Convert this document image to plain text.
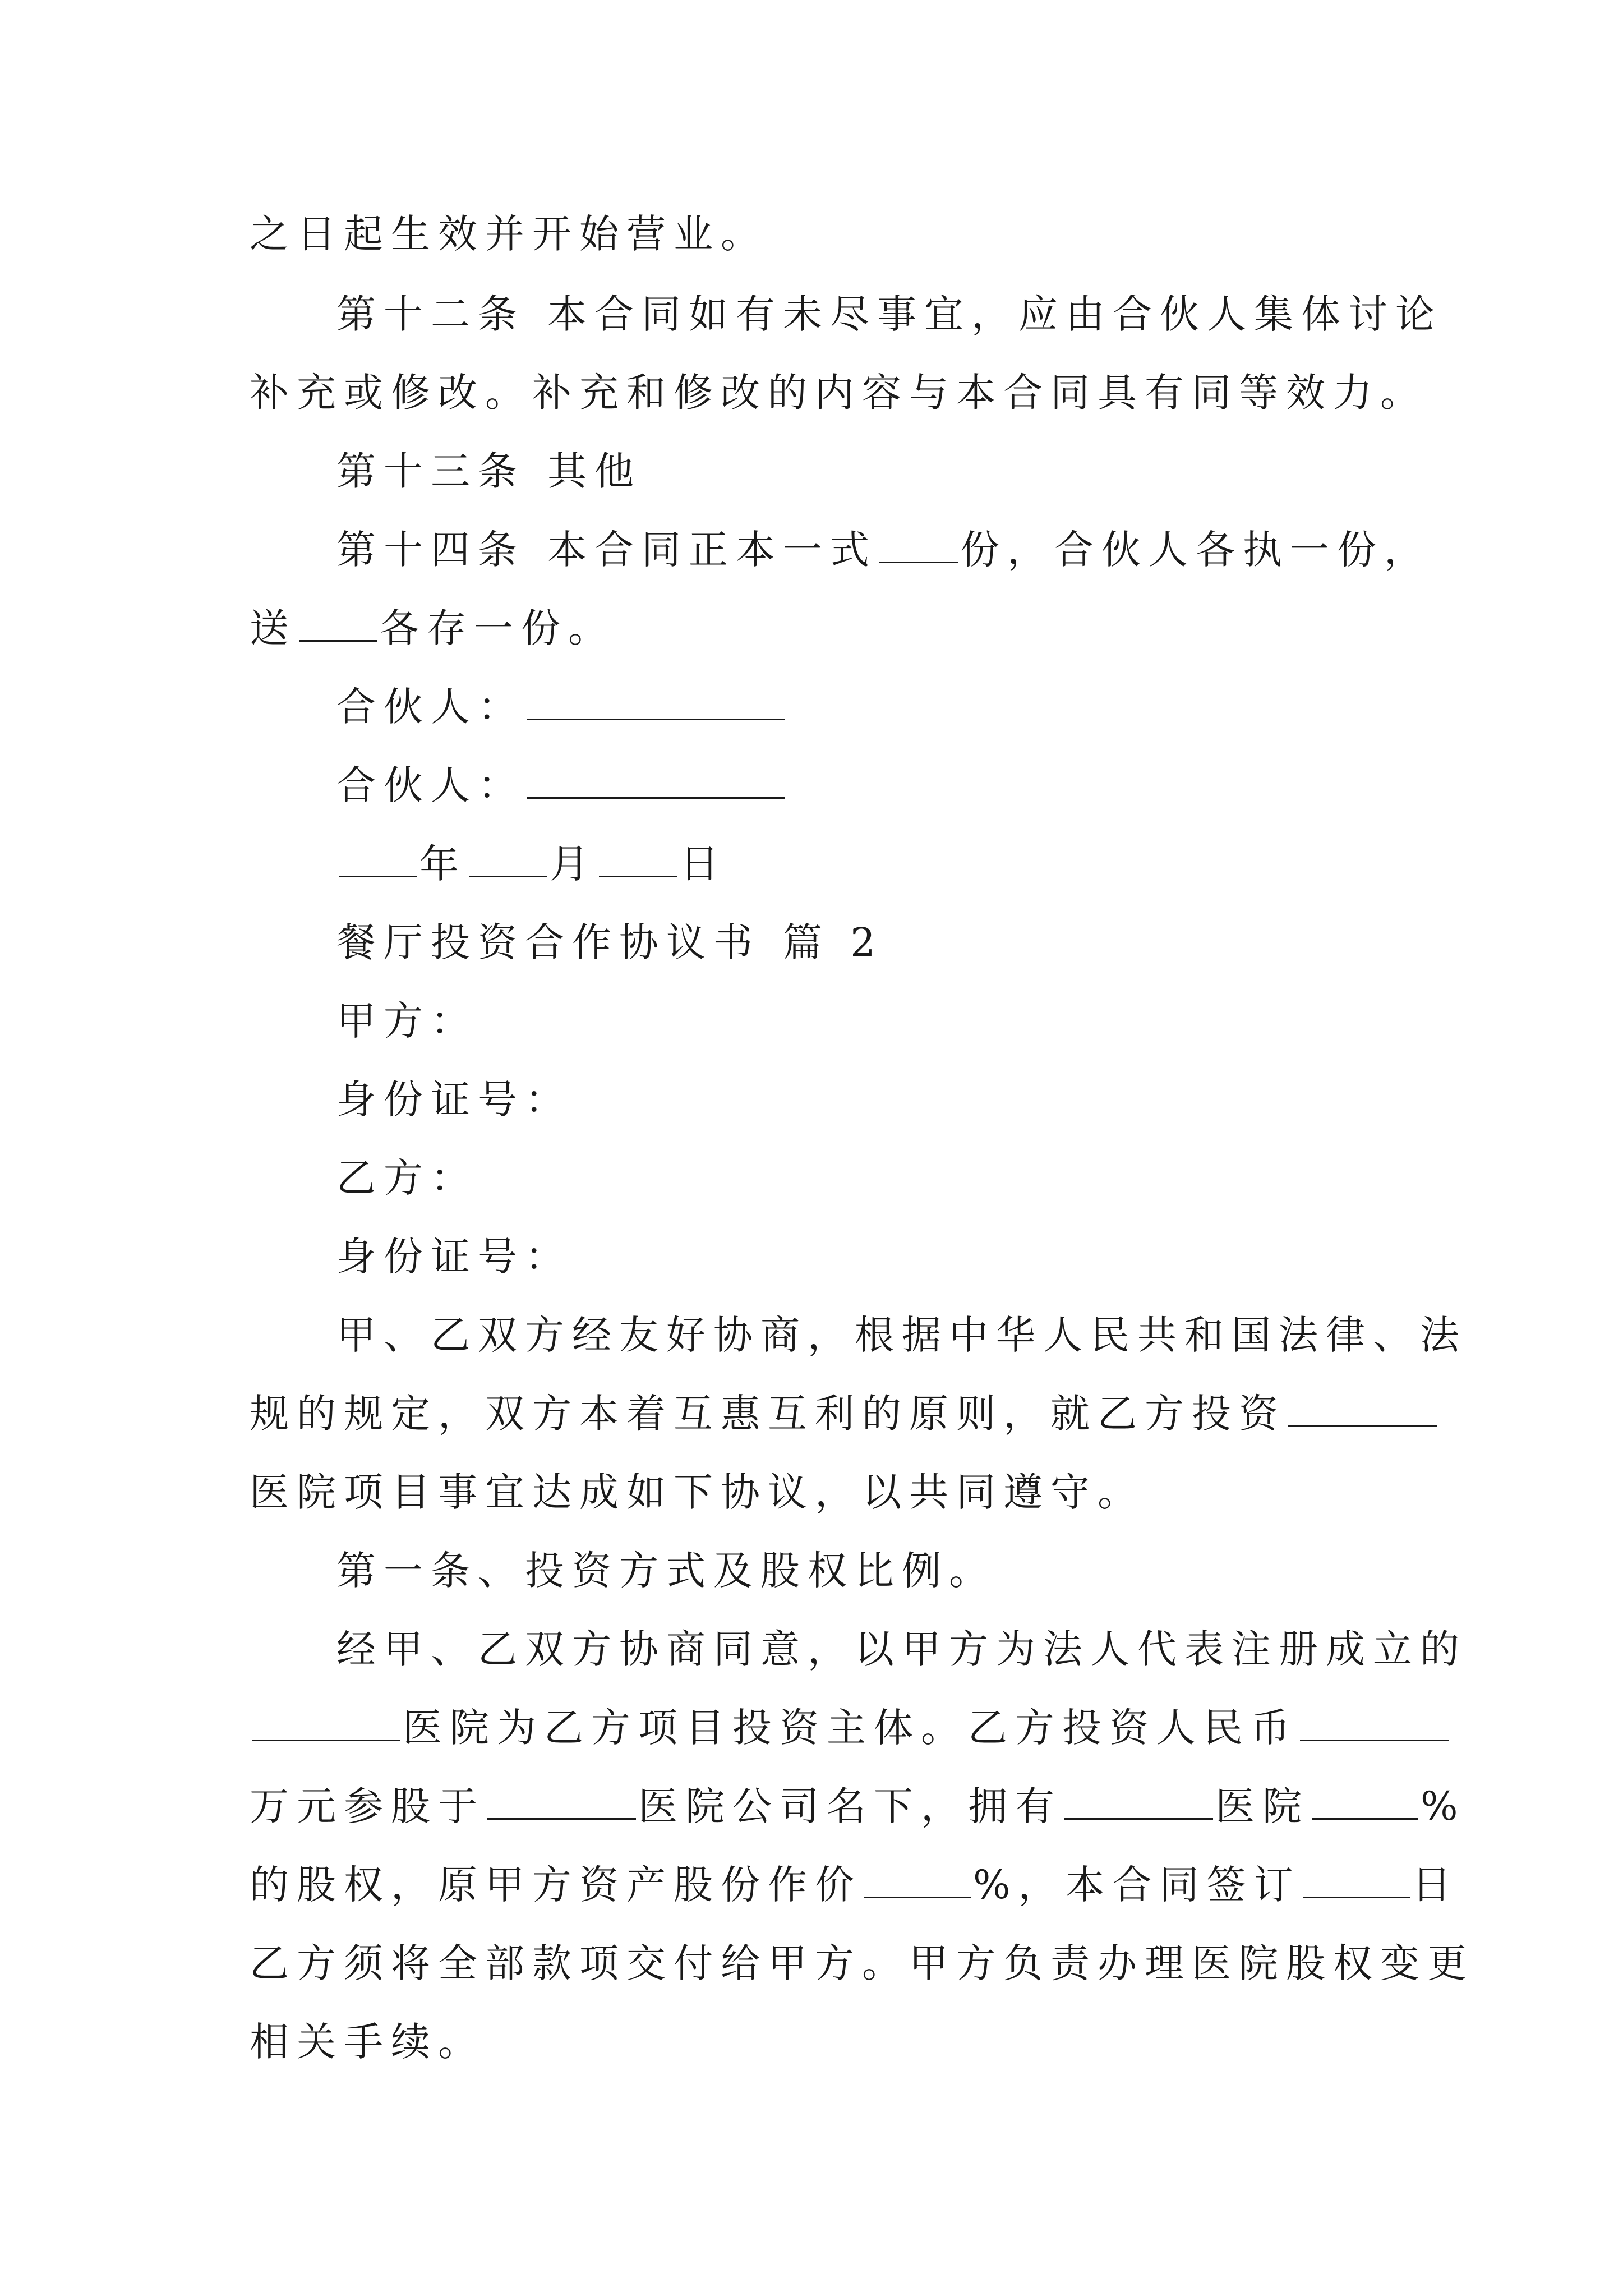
之日起生效并开始营业。
第十二条 本合同如有未尽事宜，应由合伙人集体讨论
补充或修改。补充和修改的内容与本合同具有同等效力。
第十三条 其他
第十四条 本合同正本一式 份，合伙人各执一份，
送 各存一份。
合伙人：
合伙人：
年 月 日
餐厅投资合作协议书 篇 2
甲方：
身份证号：
乙方：
身份证号：
甲、乙双方经友好协商，根据中华人民共和国法律、法
规的规定，双方本着互惠互利的原则，就乙方投资
医院项目事宜达成如下协议，以共同遵守。
第一条、投资方式及股权比例。
经甲、乙双方协商同意，以甲方为法人代表注册成立的
医院为乙方项目投资主体。乙方投资人民币
万元参股于	医院公司名下，拥有	医院	%
的股权，原甲方资产股份作价	%，本合同签订	日
乙方须将全部款项交付给甲方。甲方负责办理医院股权变更
相关手续。
